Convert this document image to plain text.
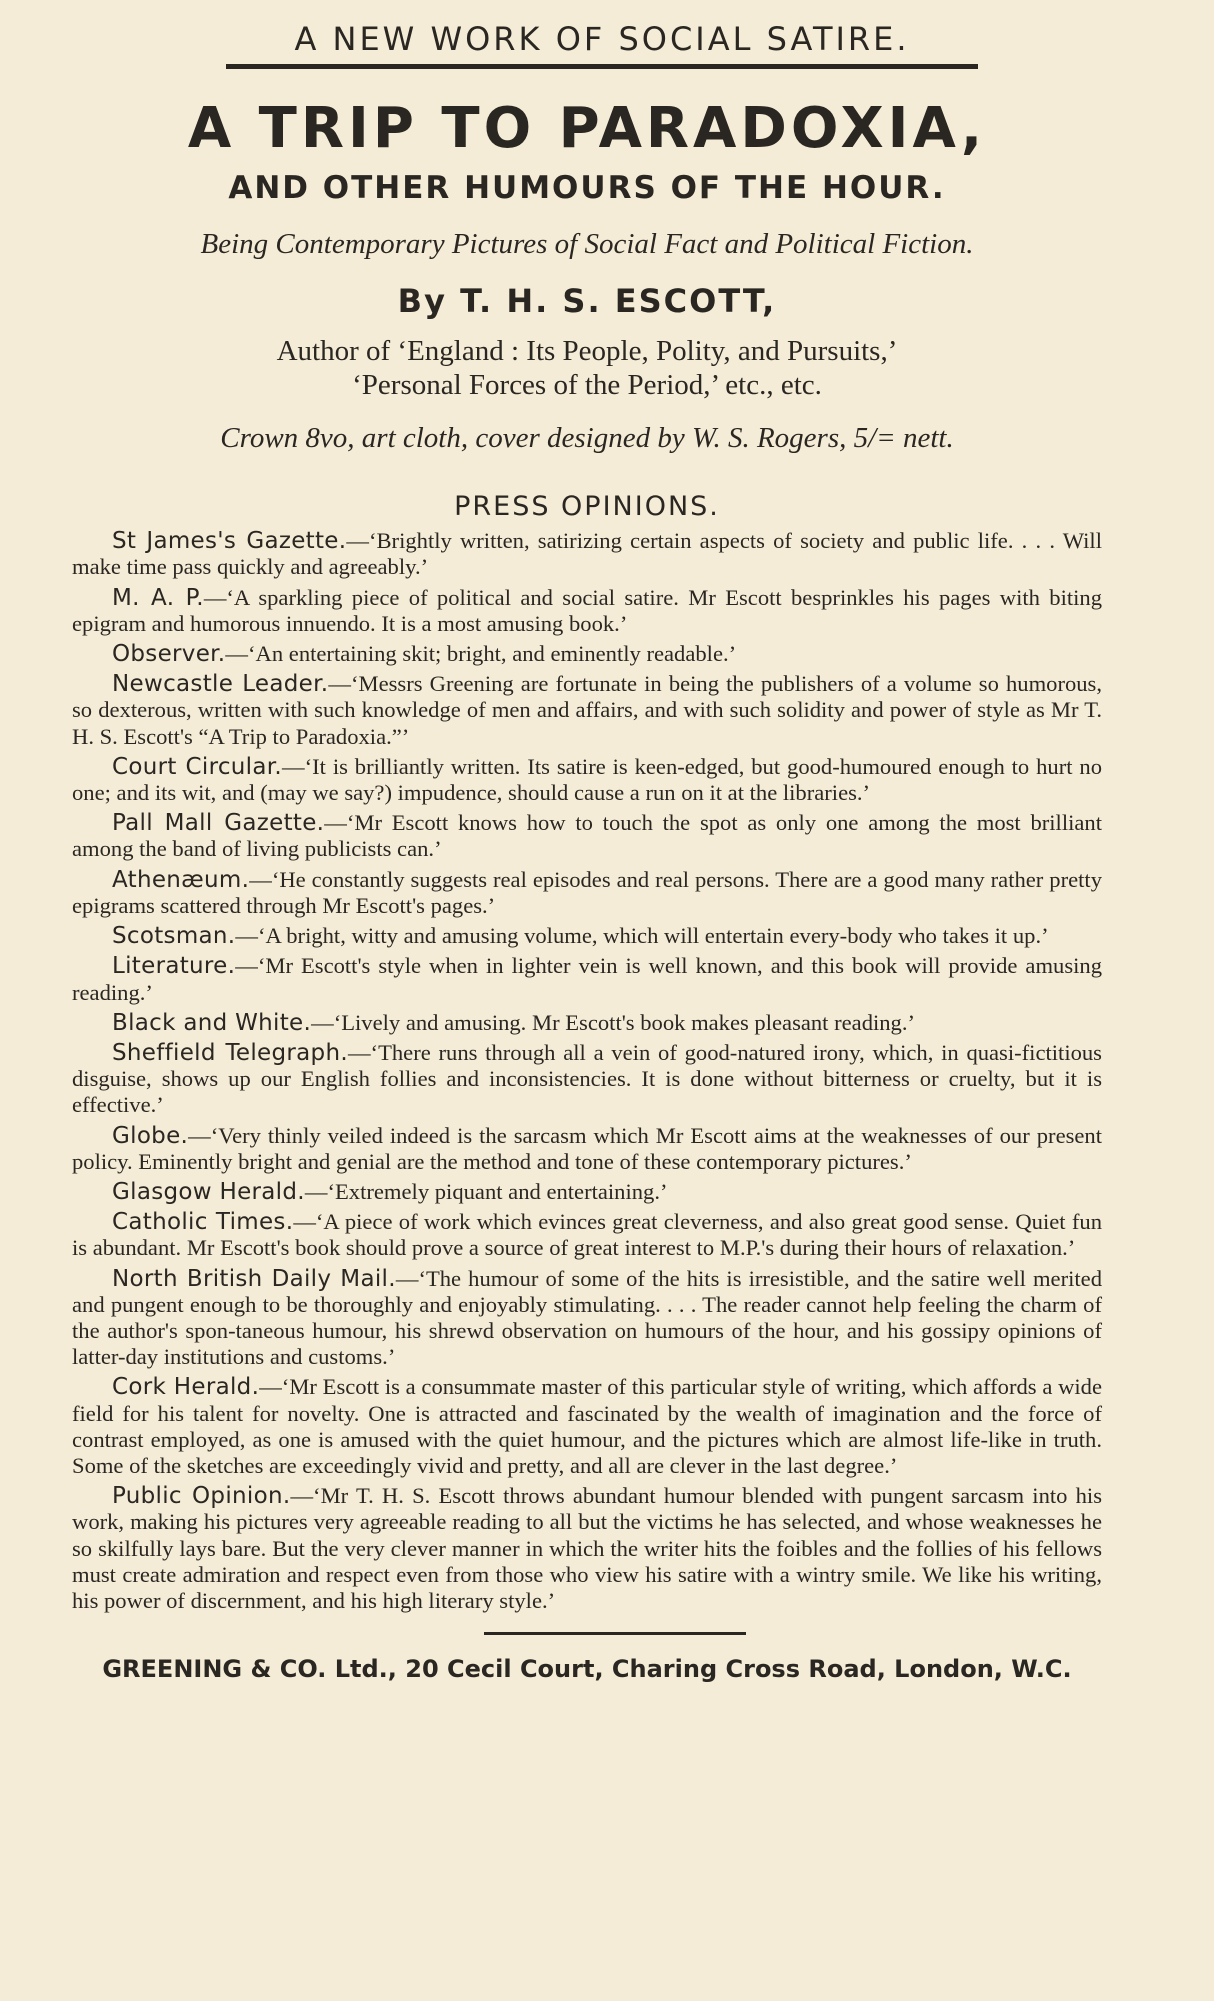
A NEW WORK OF SOCIAL SATIRE.
A TRIP TO PARADOXIA,
AND OTHER HUMOURS OF THE HOUR.
Being Contemporary Pictures of Social Fact and Political Fiction.
By T. H. S. ESCOTT,
Author of ‘England : Its People, Polity, and Pursuits,’
‘Personal Forces of the Period,’ etc., etc.
Crown 8vo, art cloth, cover designed by W. S. Rogers, 5/= nett.
PRESS OPINIONS.

St James's Gazette.—‘Brightly written, satirizing certain aspects of society and public life. . . . Will make time pass quickly and agreeably.’

M. A. P.—‘A sparkling piece of political and social satire. Mr Escott besprinkles his pages with biting epigram and humorous innuendo. It is a most amusing book.’

Observer.—‘An entertaining skit; bright, and eminently readable.’

Newcastle Leader.—‘Messrs Greening are fortunate in being the publishers of a volume so humorous, so dexterous, written with such knowledge of men and affairs, and with such solidity and power of style as Mr T. H. S. Escott's “A Trip to Paradoxia.”’

Court Circular.—‘It is brilliantly written. Its satire is keen-edged, but good-humoured enough to hurt no one; and its wit, and (may we say?) impudence, should cause a run on it at the libraries.’

Pall Mall Gazette.—‘Mr Escott knows how to touch the spot as only one among the most brilliant among the band of living publicists can.’

Athenæum.—‘He constantly suggests real episodes and real persons. There are a good many rather pretty epigrams scattered through Mr Escott's pages.’

Scotsman.—‘A bright, witty and amusing volume, which will entertain every-body who takes it up.’

Literature.—‘Mr Escott's style when in lighter vein is well known, and this book will provide amusing reading.’

Black and White.—‘Lively and amusing. Mr Escott's book makes pleasant reading.’

Sheffield Telegraph.—‘There runs through all a vein of good-natured irony, which, in quasi-fictitious disguise, shows up our English follies and inconsistencies. It is done without bitterness or cruelty, but it is effective.’

Globe.—‘Very thinly veiled indeed is the sarcasm which Mr Escott aims at the weaknesses of our present policy. Eminently bright and genial are the method and tone of these contemporary pictures.’

Glasgow Herald.—‘Extremely piquant and entertaining.’

Catholic Times.—‘A piece of work which evinces great cleverness, and also great good sense. Quiet fun is abundant. Mr Escott's book should prove a source of great interest to M.P.'s during their hours of relaxation.’

North British Daily Mail.—‘The humour of some of the hits is irresistible, and the satire well merited and pungent enough to be thoroughly and enjoyably stimulating. . . . The reader cannot help feeling the charm of the author's spon-taneous humour, his shrewd observation on humours of the hour, and his gossipy opinions of latter-day institutions and customs.’

Cork Herald.—‘Mr Escott is a consummate master of this particular style of writing, which affords a wide field for his talent for novelty. One is attracted and fascinated by the wealth of imagination and the force of contrast employed, as one is amused with the quiet humour, and the pictures which are almost life-like in truth. Some of the sketches are exceedingly vivid and pretty, and all are clever in the last degree.’

Public Opinion.—‘Mr T. H. S. Escott throws abundant humour blended with pungent sarcasm into his work, making his pictures very agreeable reading to all but the victims he has selected, and whose weaknesses he so skilfully lays bare. But the very clever manner in which the writer hits the foibles and the follies of his fellows must create admiration and respect even from those who view his satire with a wintry smile. We like his writing, his power of discernment, and his high literary style.’

GREENING & CO. Ltd., 20 Cecil Court, Charing Cross Road, London, W.C.
